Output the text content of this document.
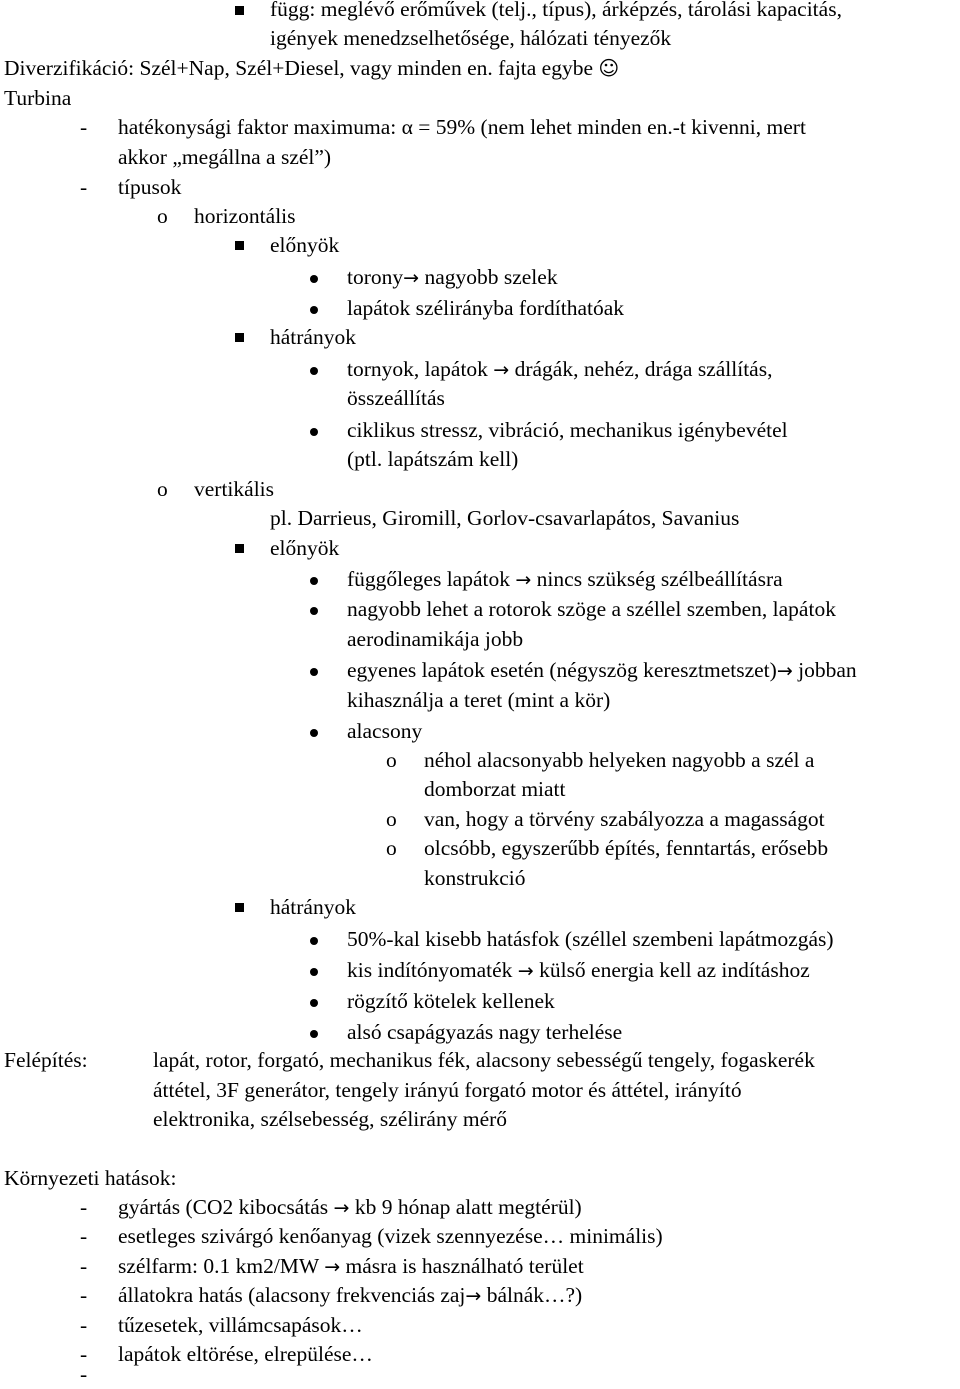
függ: meglévő erőművek (telj., típus), árképzés, tárolási kapacitás,

igények menedzselhetősége, hálózati tényezők

Diverzifikáció: Szél+Nap, Szél+Diesel, vagy minden en. fajta egybe ☺

Turbina

- hatékonysági faktor maximuma: α = 59% (nem lehet minden en.-t kivenni, mert

akkor „megállna a szél”)

- típusok

o horizontális

előnyök

torony→ nagyobb szelek

lapátok szélirányba fordíthatóak

hátrányok

tornyok, lapátok → drágák, nehéz, drága szállítás,

összeállítás

ciklikus stressz, vibráció, mechanikus igénybevétel

(ptl. lapátszám kell)

o vertikális

pl. Darrieus, Giromill, Gorlov-csavarlapátos, Savanius

előnyök

függőleges lapátok → nincs szükség szélbeállításra

nagyobb lehet a rotorok szöge a széllel szemben, lapátok

aerodinamikája jobb

egyenes lapátok esetén (négyszög keresztmetszet)→ jobban

kihasználja a teret (mint a kör)

alacsony

o néhol alacsonyabb helyeken nagyobb a szél a

domborzat miatt

o van, hogy a törvény szabályozza a magasságot

o olcsóbb, egyszerűbb építés, fenntartás, erősebb

konstrukció

hátrányok

50%-kal kisebb hatásfok (széllel szembeni lapátmozgás)

kis indítónyomaték → külső energia kell az indításhoz

rögzítő kötelek kellenek

alsó csapágyazás nagy terhelése

Felépítés:	lapát, rotor, forgató, mechanikus fék, alacsony sebességű tengely, fogaskerék

áttétel, 3F generátor, tengely irányú forgató motor és áttétel, irányító

elektronika, szélsebesség, szélirány mérő

Környezeti hatások:

- gyártás (CO2 kibocsátás → kb 9 hónap alatt megtérül)

- esetleges szivárgó kenőanyag (vizek szennyezése… minimális)

- szélfarm: 0.1 km2/MW → másra is használható terület

- állatokra hatás (alacsony frekvenciás zaj→ bálnák…?)

- tűzesetek, villámcsapások…

- lapátok eltörése, elrepülése…

-
